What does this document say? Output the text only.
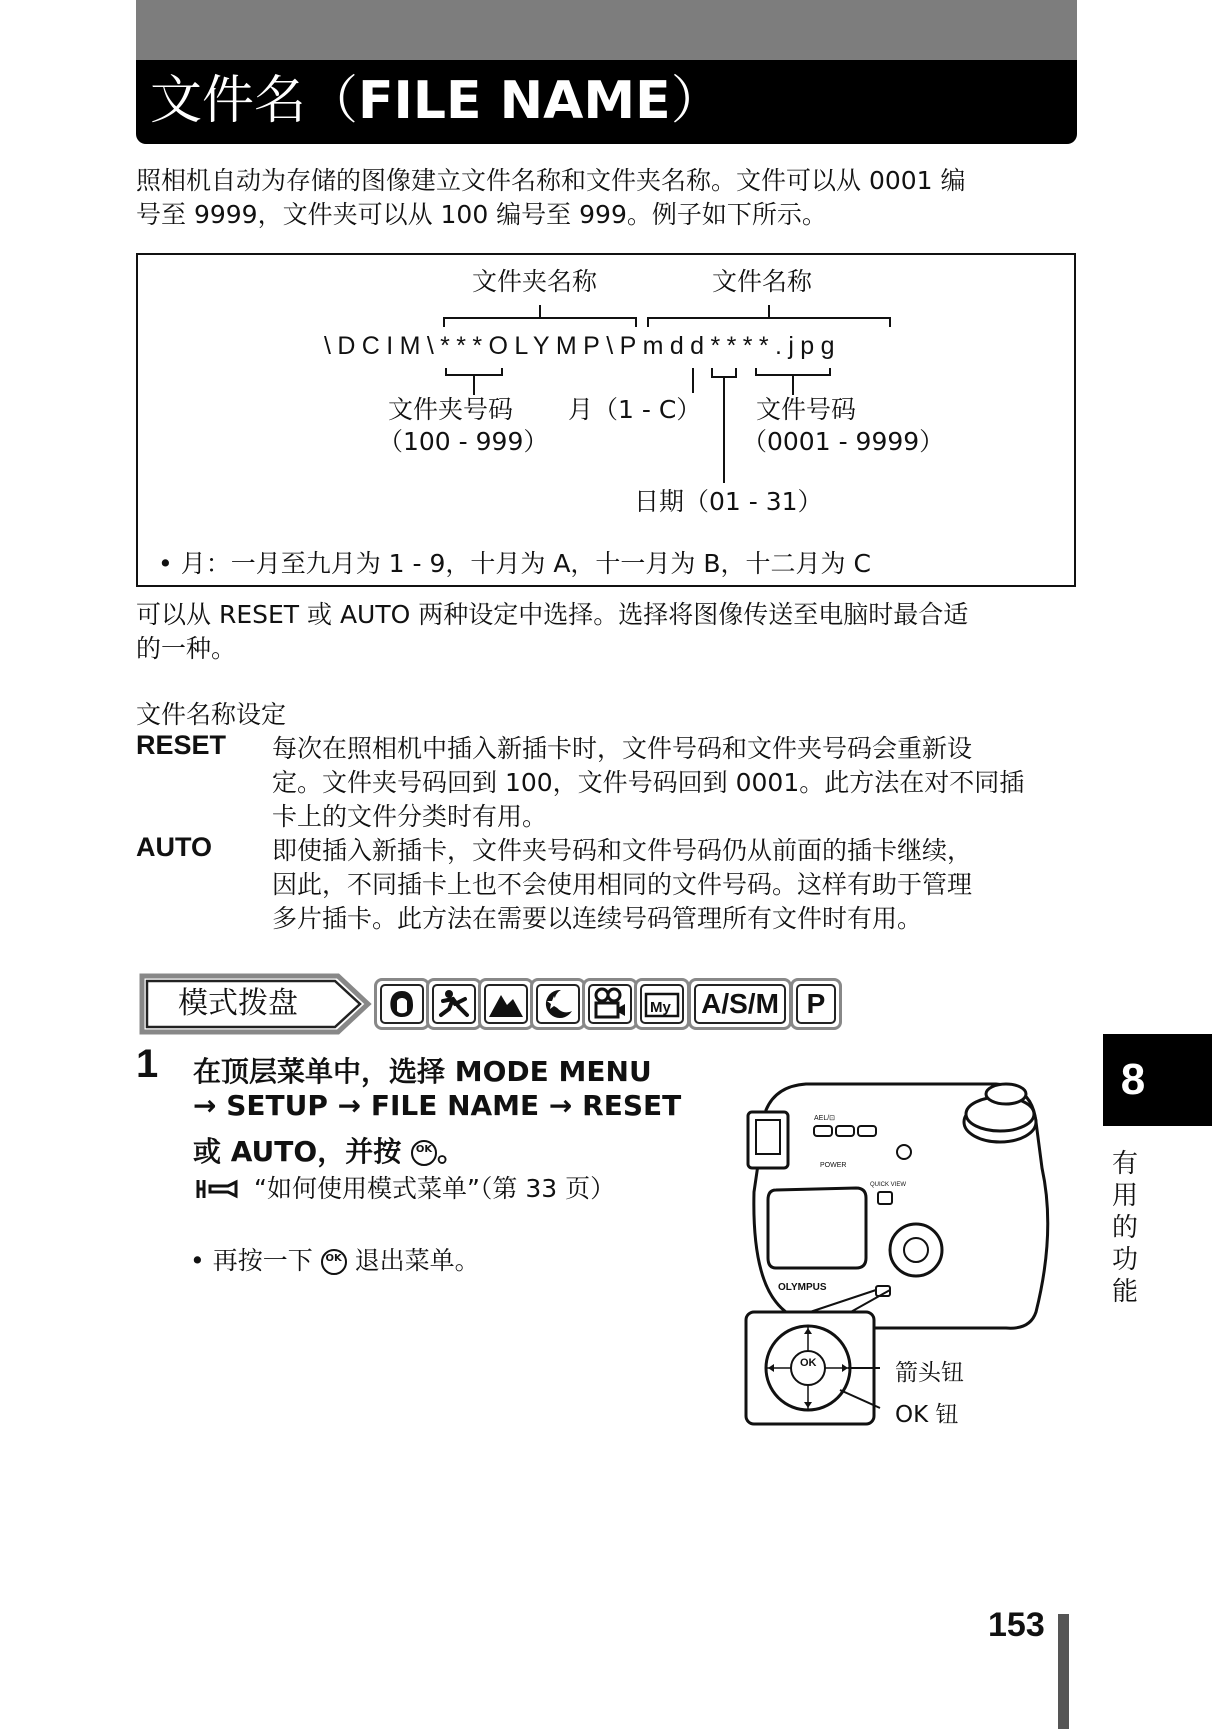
文件名（FILE NAME）
照相机自动为存储的图像建立文件名称和文件夹名称。文件可以从 0001 编
号至 9999，文件夹可以从 100 编号至 999。例子如下所示。
文件夹名称	文件名称
\DCIM\***OLYMP\Pmdd****.jpg
文件夹号码
（100 - 999）
月（1 - C） 文件号码
（0001 - 9999）
日期（01 - 31）
• 月：一月至九月为 1 - 9，十月为 A，十一月为 B，十二月为 C
可以从 RESET 或 AUTO 两种设定中选择。选择将图像传送至电脑时最合适
的一种。
文件名称设定
RESET 每次在照相机中插入新插卡时，文件号码和文件夹号码会重新设
定。文件夹号码回到 100，文件号码回到 0001。此方法在对不同插
卡上的文件分类时有用。
AUTO 即使插入新插卡，文件夹号码和文件号码仍从前面的插卡继续，
因此，不同插卡上也不会使用相同的文件号码。这样有助于管理
多片插卡。此方法在需要以连续号码管理所有文件时有用。
模式拨盘	My A/S/M P
1 在顶层菜单中，选择 MODE MENU
→ SETUP → FILE NAME → RESET
或 AUTO，并按 OK 。
“如何使用模式菜单”（第 33 页）
• 再按一下 OK 退出菜单。
OK
OLYMPUS
AEL/⊡
POWER
QUICK VIEW
箭头钮
OK 钮
8
有用的功能
153
